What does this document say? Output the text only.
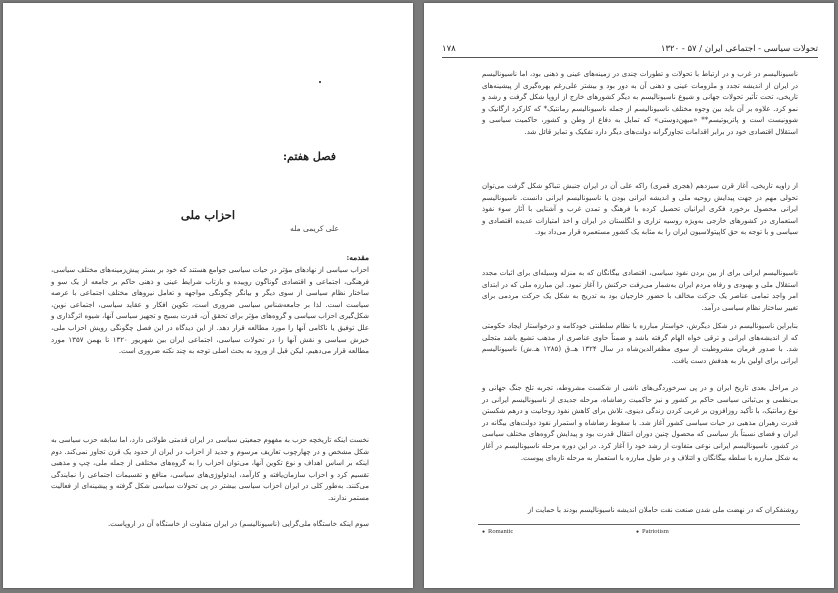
فصل هفتم:
احزاب ملی
علی کریمی مله
مقدمه:

احزاب سیاسی از نهادهای مؤثر در حیات سیاسی جوامع هستند که خود بر بستر پیش‌زمینه‌های مختلف سیاسی، فرهنگی، اجتماعی و اقتصادی گوناگون روییده و بازتاب شرایط عینی و ذهنی حاکم بر جامعه از یک سو و ساختار نظام سیاسی از سوی دیگر و بیانگر چگونگی مواجهه و تعامل نیروهای مختلف اجتماعی با عرصه سیاست است. لذا بر جامعه‌شناس سیاسی ضروری است، تکوین افکار و عقاید سیاسی، اجتماعی نوین، شکل‌گیری احزاب سیاسی و گروه‌های مؤثر برای تحقق آن، قدرت بسیج و تجهیز سیاسی آنها، شیوه اثرگذاری و علل توفیق یا ناکامی آنها را مورد مطالعه قرار دهد. از این دیدگاه در این فصل چگونگی رویش احزاب ملی، خیزش سیاسی و نقش آنها را در تحولات سیاسی، اجتماعی ایران بین شهریور ۱۳۲۰ تا بهمن ۱۳۵۷ مورد مطالعه قرار می‌دهیم. لیکن قبل از ورود به بحث اصلی توجه به چند نکته ضروری است.

نخست اینکه تاریخچه حزب به مفهوم جمعیتی سیاسی در ایران قدمتی طولانی دارد، اما سابقه حزب سیاسی به شکل مشخص و در چهارچوب تعاریف مرسوم و جدید از احزاب در ایران از حدود یک قرن تجاوز نمی‌کند. دوم اینکه بر اساس اهداف و نوع تکوین آنها، می‌توان احزاب را به گروه‌های مختلفی از جمله ملی، چپ و مذهبی تقسیم کرد و احزاب سازمان‌یافته و کارآمد، ایدئولوژی‌های سیاسی، منافع و تقسیمات اجتماعی را نمایندگی می‌کنند. به‌طور کلی در ایران احزاب سیاسی بیشتر در پی تحولات سیاسی شکل گرفته و پیشینه‌ای از فعالیت مستمر ندارند.

سوم اینکه خاستگاه ملی‌گرایی (ناسیونالیسم) در ایران متفاوت از خاستگاه آن در اروپاست.

۱۷۸	تحولات سیاسی - اجتماعی ایران / ۵۷ - ۱۳۲۰

ناسیونالیسم در غرب و در ارتباط با تحولات و تطورات چندی در زمینه‌های عینی و ذهنی بود، اما ناسیونالیسم در ایران از اندیشه تجدد و ملزومات عینی و ذهنی آن به دور بود و بیشتر علی‌رغم بهره‌گیری از پیشینه‌های تاریخی، تحت تأثیر تحولات جهانی و شیوع ناسیونالیسم به دیگر کشورهای خارج از اروپا شکل گرفت و رشد و نمو کرد. علاوه بر آن باید بین وجوه مختلف ناسیونالیسم از جمله ناسیونالیسم رمانتیک* که کارکرد ارگانیک و شوونیست است و پاتریوتیسم** «میهن‌دوستی» که تمایل به دفاع از وطن و کشور، حاکمیت سیاسی و استقلال اقتصادی خود در برابر اقدامات تجاوزگرانه دولت‌های دیگر دارد تفکیک و تمایز قائل شد.

از زاویه تاریخی، آغاز قرن سیزدهم (هجری قمری) راکه علی آن در ایران جنبش تنباکو شکل گرفت می‌توان تحولی مهم در جهت پیدایش روحیه ملی و اندیشه ایرانی بودن یا ناسیونالیسم ایرانی دانست. ناسیونالیسم ایرانی محصول برخورد فکری ایرانیان تحصیل کرده با فرهنگ و تمدن غرب و آشنایی با آثار سوء نفوذ استعماری در کشورهای خارجی به‌ویژه روسیه تزاری و انگلستان در ایران و اخذ امتیازات عدیده اقتصادی و سیاسی و با توجه به حق کاپیتولاسیون ایران را به مثابه یک کشور مستعمره قرار می‌داد بود.

ناسیونالیسم ایرانی برای از بین بردن نفوذ سیاسی، اقتصادی بیگانگان که به منزله وسیله‌ای برای اثبات مجدد استقلال ملی و بهبودی و رفاه مردم ایران به‌شمار می‌رفت حرکتش را آغاز نمود. این مبارزه ملی که در ابتدای امر واجد تمامی عناصر یک حرکت مخالف با حضور خارجیان بود به تدریج به شکل یک حرکت مردمی برای تغییر ساختار نظام سیاسی درآمد.

بنابراین ناسیونالیسم در شکل دیگرش، خواستار مبارزه با نظام سلطنتی خودکامه و درخواستار ایجاد حکومتی که از اندیشه‌های ایرانی و ترقی خواه الهام گرفته باشد و ضمناً حاوی عناصری از مذهب تشیع باشد متجلی شد. با صدور فرمان مشروطیت از سوی مظفرالدین‌شاه در سال ۱۳۲۴ هـ.ق (۱۲۸۵ هـ.ش) ناسیونالیسم ایرانی برای اولین بار به هدفش دست یافت.

در مراحل بعدی تاریخ ایران و در پی سرخوردگی‌های ناشی از شکست مشروطه، تجربه تلخ جنگ جهانی و بی‌نظمی و بی‌ثباتی سیاسی حاکم بر کشور و نیز حاکمیت رضاشاه، مرحله جدیدی از ناسیونالیسم ایرانی در نوع رمانتیک، با تأکید روزافزون بر غربی کردن زندگی دینوی، تلاش برای کاهش نفوذ روحانیت و درهم شکستن قدرت رهبران مذهبی در حیات سیاسی کشور آغاز شد. با سقوط رضاشاه و استمرار نفوذ دولت‌های بیگانه در ایران و فضای نسبتاً باز سیاسی که محصول چنین دوران انتقال قدرت بود و پیدایش گروه‌های مختلف سیاسی در کشور، ناسیونالیسم ایرانی نوعی متفاوت از رشد خود را آغاز کرد. در این دوره مرحله ناسیونالیسم در آغاز به شکل مبارزه با سلطه بیگانگان و ائتلاف و در طول مبارزه با استعمار به مرحله تازه‌ای پیوست.

روشنفکران که در نهضت ملی شدن صنعت نفت حاملان اندیشه ناسیونالیسم بودند با حمایت از

● Romantic	● Patriotism
